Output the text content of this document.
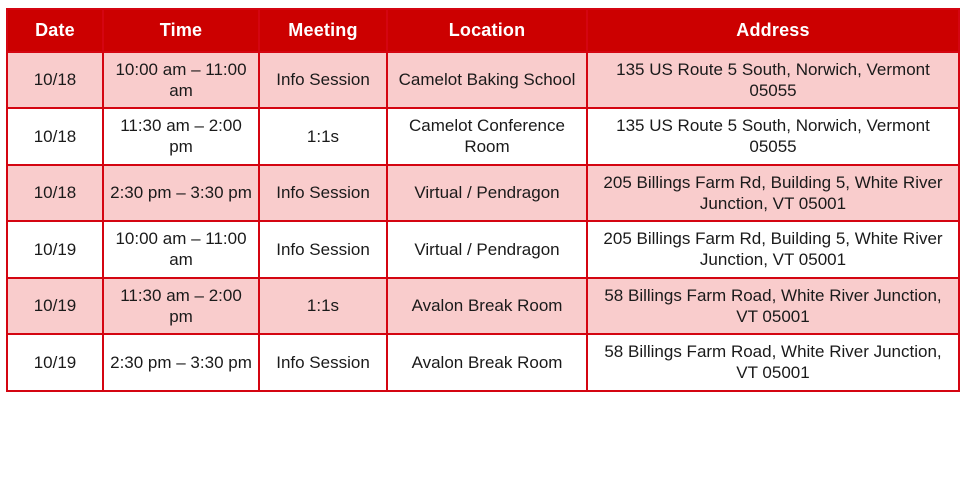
Date	Time	Meeting	Location	Address
10/18	10:00 am – 11:00 am	Info Session	Camelot Baking School	135 US Route 5 South, Norwich, Vermont 05055
10/18	11:30 am – 2:00 pm	1:1s	Camelot Conference Room	135 US Route 5 South, Norwich, Vermont 05055
10/18	2:30 pm – 3:30 pm	Info Session	Virtual / Pendragon	205 Billings Farm Rd, Building 5, White River Junction, VT 05001
10/19	10:00 am – 11:00 am	Info Session	Virtual / Pendragon	205 Billings Farm Rd, Building 5, White River Junction, VT 05001
10/19	11:30 am – 2:00 pm	1:1s	Avalon Break Room	58 Billings Farm Road, White River Junction, VT 05001
10/19	2:30 pm – 3:30 pm	Info Session	Avalon Break Room	58 Billings Farm Road, White River Junction, VT 05001
